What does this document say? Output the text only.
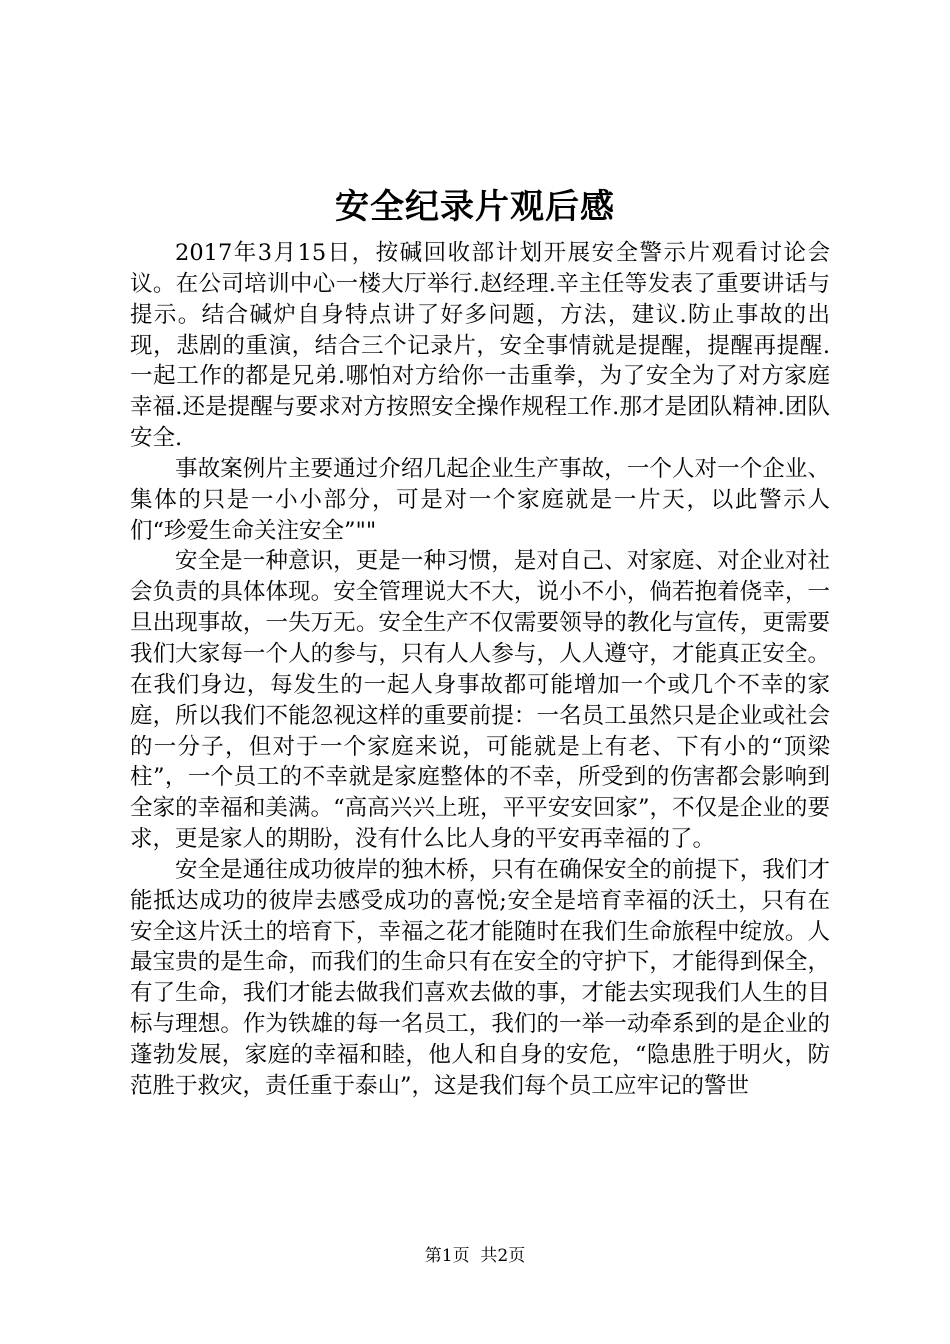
安全纪录片观后感

2017年3月15日，按碱回收部计划开展安全警示片观看讨论会议。在公司培训中心一楼大厅举行.赵经理.辛主任等发表了重要讲话与提示。结合碱炉自身特点讲了好多问题，方法，建议.防止事故的出现，悲剧的重演，结合三个记录片，安全事情就是提醒，提醒再提醒.一起工作的都是兄弟.哪怕对方给你一击重拳，为了安全为了对方家庭幸福.还是提醒与要求对方按照安全操作规程工作.那才是团队精神.团队安全.

事故案例片主要通过介绍几起企业生产事故，一个人对一个企业、集体的只是一小小部分，可是对一个家庭就是一片天，以此警示人们“珍爱生命关注安全”""

安全是一种意识，更是一种习惯，是对自己、对家庭、对企业对社会负责的具体体现。安全管理说大不大，说小不小，倘若抱着侥幸，一旦出现事故，一失万无。安全生产不仅需要领导的教化与宣传，更需要我们大家每一个人的参与，只有人人参与，人人遵守，才能真正安全。在我们身边，每发生的一起人身事故都可能增加一个或几个不幸的家庭，所以我们不能忽视这样的重要前提：一名员工虽然只是企业或社会的一分子，但对于一个家庭来说，可能就是上有老、下有小的“顶梁柱”，一个员工的不幸就是家庭整体的不幸，所受到的伤害都会影响到全家的幸福和美满。“高高兴兴上班，平平安安回家”，不仅是企业的要求，更是家人的期盼，没有什么比人身的平安再幸福的了。

安全是通往成功彼岸的独木桥，只有在确保安全的前提下，我们才能抵达成功的彼岸去感受成功的喜悦;安全是培育幸福的沃土，只有在安全这片沃土的培育下，幸福之花才能随时在我们生命旅程中绽放。人最宝贵的是生命，而我们的生命只有在安全的守护下，才能得到保全，有了生命，我们才能去做我们喜欢去做的事，才能去实现我们人生的目标与理想。作为铁雄的每一名员工，我们的一举一动牵系到的是企业的蓬勃发展，家庭的幸福和睦，他人和自身的安危，“隐患胜于明火，防范胜于救灾，责任重于泰山”，这是我们每个员工应牢记的警世

第1页  共2页
